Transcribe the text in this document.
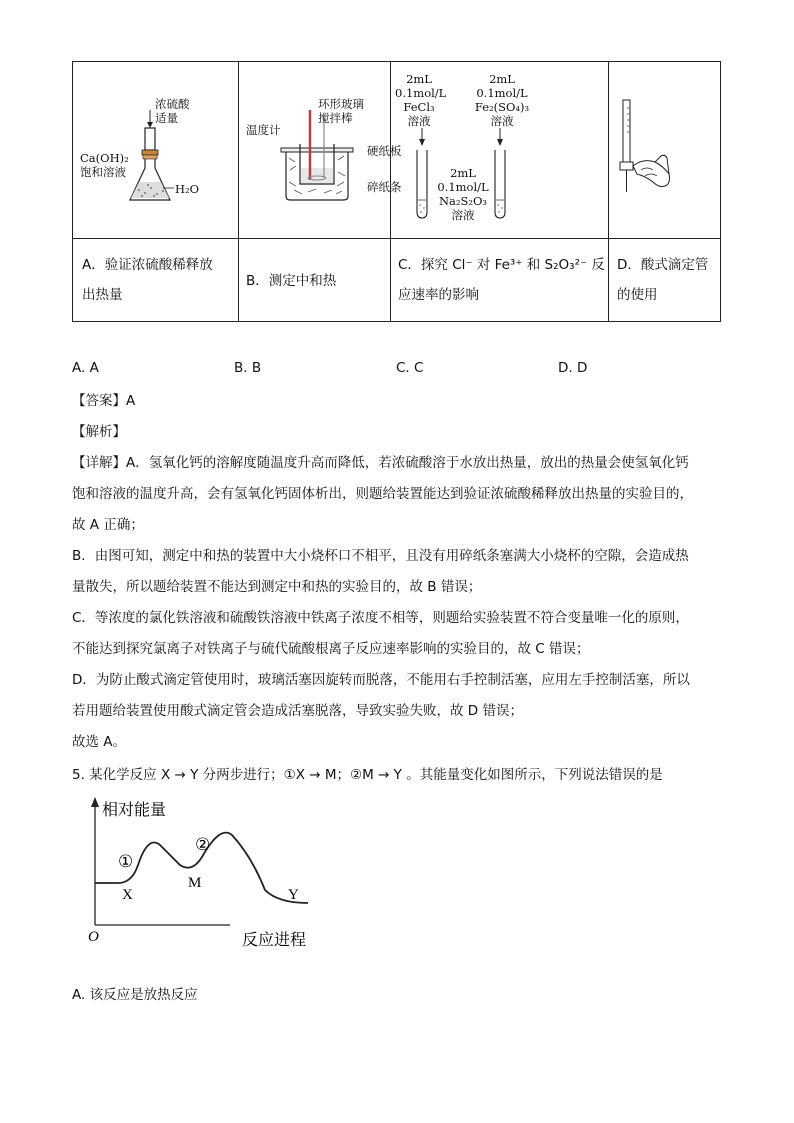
浓硫酸
适量
Ca(OH)₂
饱和溶液
H₂O
环形玻璃
搅拌棒
温度计
硬纸板
碎纸条
2mL
0.1mol/L
FeCl₃
溶液
2mL
0.1mol/L
Fe₂(SO₄)₃
溶液
2mL
0.1mol/L
Na₂S₂O₃
溶液
A．验证浓硫酸稀释放
出热量
B．测定中和热
C．探究 Cl⁻ 对 Fe³⁺ 和 S₂O₃²⁻ 反
应速率的影响
D．酸式滴定管
的使用
A. A	B. B	C. C	D. D
【答案】A
【解析】
【详解】A．氢氧化钙的溶解度随温度升高而降低，若浓硫酸溶于水放出热量，放出的热量会使氢氧化钙
饱和溶液的温度升高，会有氢氧化钙固体析出，则题给装置能达到验证浓硫酸稀释放出热量的实验目的，
故 A 正确；
B．由图可知，测定中和热的装置中大小烧杯口不相平，且没有用碎纸条塞满大小烧杯的空隙，会造成热
量散失，所以题给装置不能达到测定中和热的实验目的，故 B 错误；
C．等浓度的氯化铁溶液和硫酸铁溶液中铁离子浓度不相等，则题给实验装置不符合变量唯一化的原则，
不能达到探究氯离子对铁离子与硫代硫酸根离子反应速率影响的实验目的，故 C 错误；
D．为防止酸式滴定管使用时，玻璃活塞因旋转而脱落，不能用右手控制活塞，应用左手控制活塞，所以
若用题给装置使用酸式滴定管会造成活塞脱落，导致实验失败，故 D 错误；
故选 A。
5. 某化学反应 X → Y 分两步进行；①X → M；②M → Y 。其能量变化如图所示，下列说法错误的是
相对能量
反应进程
O
①
②
X
M
Y
A. 该反应是放热反应
